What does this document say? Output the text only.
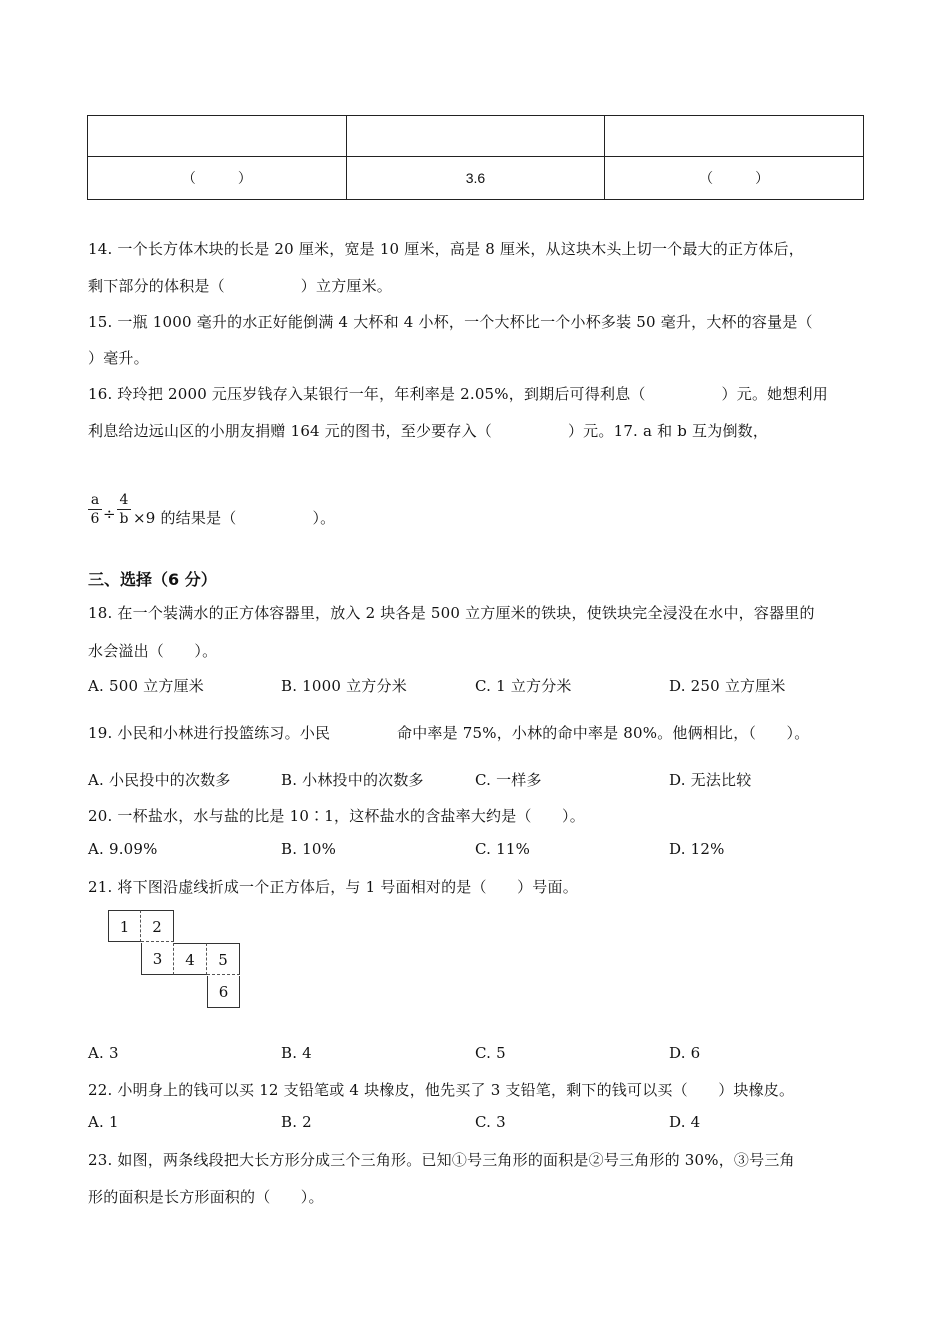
（　　　）	3.6	（　　　）
14. 一个长方体木块的长是 20 厘米，宽是 10 厘米，高是 8 厘米，从这块木头上切一个最大的正方体后，
剩下部分的体积是（　　　　　）立方厘米。
15. 一瓶 1000 毫升的水正好能倒满 4 大杯和 4 小杯，一个大杯比一个小杯多装 50 毫升，大杯的容量是（
）毫升。
16. 玲玲把 2000 元压岁钱存入某银行一年，年利率是 2.05%，到期后可得利息（　　　　　）元。她想利用
利息给边远山区的小朋友捐赠 164 元的图书，至少要存入（　　　　　）元。17. a 和 b 互为倒数，
a
6 ÷
4
b ×9 的结果是（　　　　　）。
三、选择（6 分）
18. 在一个装满水的正方体容器里，放入 2 块各是 500 立方厘米的铁块，使铁块完全浸没在水中，容器里的
水会溢出（　　）。
A. 500 立方厘米	B. 1000 立方分米	C. 1 立方分米	D. 250 立方厘米
19. 小民和小林进行投篮练习。小民	命中率是 75%，小林的命中率是 80%。他俩相比，（　　）。
A. 小民投中的次数多	B. 小林投中的次数多	C. 一样多	D. 无法比较
20. 一杯盐水，水与盐的比是 10∶1，这杯盐水的含盐率大约是（　　）。
A. 9.09%	B. 10%	C. 11%	D. 12%
21. 将下图沿虚线折成一个正方体后，与 1 号面相对的是（　　）号面。
1	2
3	4	5
6
A. 3	B. 4	C. 5	D. 6
22. 小明身上的钱可以买 12 支铅笔或 4 块橡皮，他先买了 3 支铅笔，剩下的钱可以买（　　）块橡皮。
A. 1	B. 2	C. 3	D. 4
23. 如图，两条线段把大长方形分成三个三角形。已知①号三角形的面积是②号三角形的 30%，③号三角
形的面积是长方形面积的（　　）。
